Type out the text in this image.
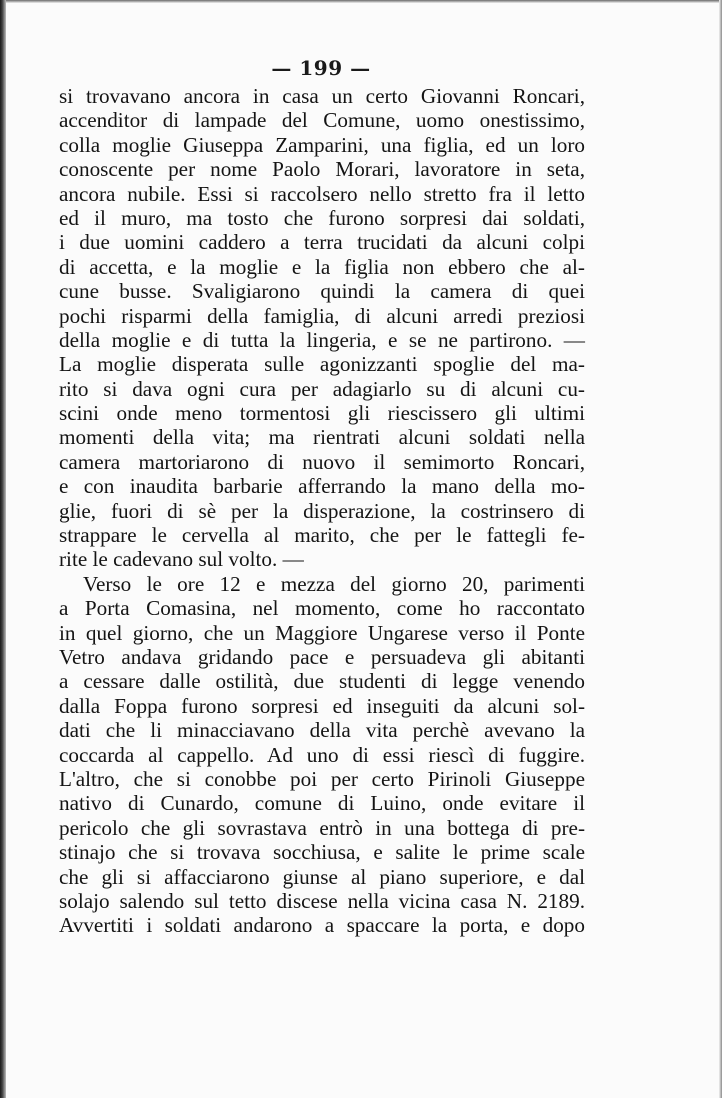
— 199 —
si trovavano ancora in casa un certo Giovanni Roncari,
accenditor di lampade del Comune, uomo onestissimo,
colla moglie Giuseppa Zamparini, una figlia, ed un loro
conoscente per nome Paolo Morari, lavoratore in seta,
ancora nubile. Essi si raccolsero nello stretto fra il letto
ed il muro, ma tosto che furono sorpresi dai soldati,
i due uomini caddero a terra trucidati da alcuni colpi
di accetta, e la moglie e la figlia non ebbero che al-
cune busse. Svaligiarono quindi la camera di quei
pochi risparmi della famiglia, di alcuni arredi preziosi
della moglie e di tutta la lingeria, e se ne partirono. —
La moglie disperata sulle agonizzanti spoglie del ma-
rito si dava ogni cura per adagiarlo su di alcuni cu-
scini onde meno tormentosi gli riescissero gli ultimi
momenti della vita; ma rientrati alcuni soldati nella
camera martoriarono di nuovo il semimorto Roncari,
e con inaudita barbarie afferrando la mano della mo-
glie, fuori di sè per la disperazione, la costrinsero di
strappare le cervella al marito, che per le fattegli fe-
rite le cadevano sul volto. —
Verso le ore 12 e mezza del giorno 20, parimenti
a Porta Comasina, nel momento, come ho raccontato
in quel giorno, che un Maggiore Ungarese verso il Ponte
Vetro andava gridando pace e persuadeva gli abitanti
a cessare dalle ostilità, due studenti di legge venendo
dalla Foppa furono sorpresi ed inseguiti da alcuni sol-
dati che li minacciavano della vita perchè avevano la
coccarda al cappello. Ad uno di essi riescì di fuggire.
L'altro, che si conobbe poi per certo Pirinoli Giuseppe
nativo di Cunardo, comune di Luino, onde evitare il
pericolo che gli sovrastava entrò in una bottega di pre-
stinajo che si trovava socchiusa, e salite le prime scale
che gli si affacciarono giunse al piano superiore, e dal
solajo salendo sul tetto discese nella vicina casa N. 2189.
Avvertiti i soldati andarono a spaccare la porta, e dopo
